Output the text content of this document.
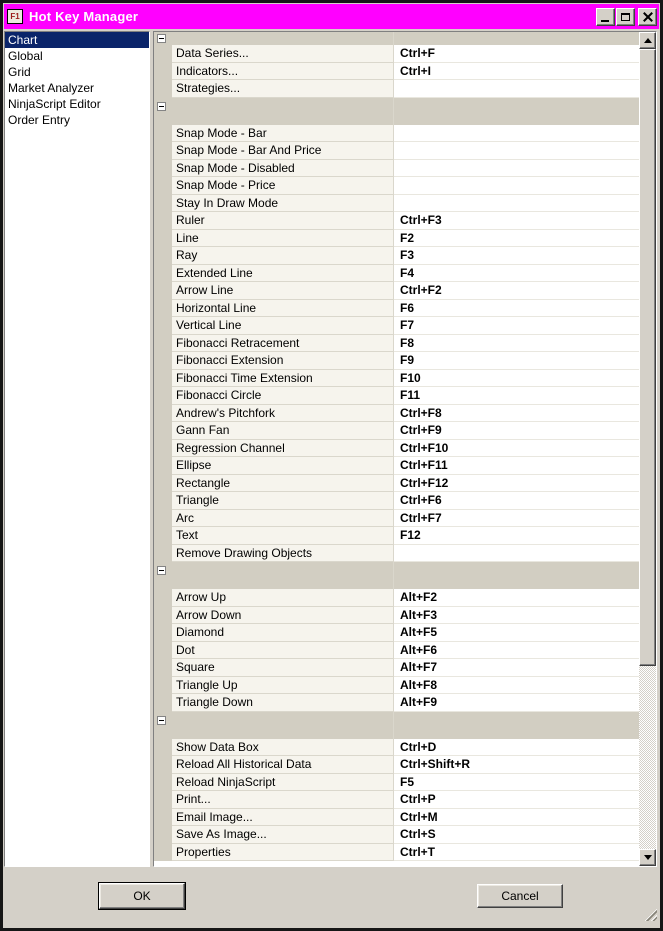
F1 Hot Key Manager
Chart
Global
Grid
Market Analyzer
NinjaScript Editor
Order Entry
Data Series...	Ctrl+F
Indicators...	Ctrl+I
Strategies...
Snap Mode - Bar
Snap Mode - Bar And Price
Snap Mode - Disabled
Snap Mode - Price
Stay In Draw Mode
Ruler	Ctrl+F3
Line	F2
Ray	F3
Extended Line	F4
Arrow Line	Ctrl+F2
Horizontal Line	F6
Vertical Line	F7
Fibonacci Retracement	F8
Fibonacci Extension	F9
Fibonacci Time Extension	F10
Fibonacci Circle	F11
Andrew's Pitchfork	Ctrl+F8
Gann Fan	Ctrl+F9
Regression Channel	Ctrl+F10
Ellipse	Ctrl+F11
Rectangle	Ctrl+F12
Triangle	Ctrl+F6
Arc	Ctrl+F7
Text	F12
Remove Drawing Objects
Arrow Up	Alt+F2
Arrow Down	Alt+F3
Diamond	Alt+F5
Dot	Alt+F6
Square	Alt+F7
Triangle Up	Alt+F8
Triangle Down	Alt+F9
Show Data Box	Ctrl+D
Reload All Historical Data	Ctrl+Shift+R
Reload NinjaScript	F5
Print...	Ctrl+P
Email Image...	Ctrl+M
Save As Image...	Ctrl+S
Properties	Ctrl+T
OK	Cancel
